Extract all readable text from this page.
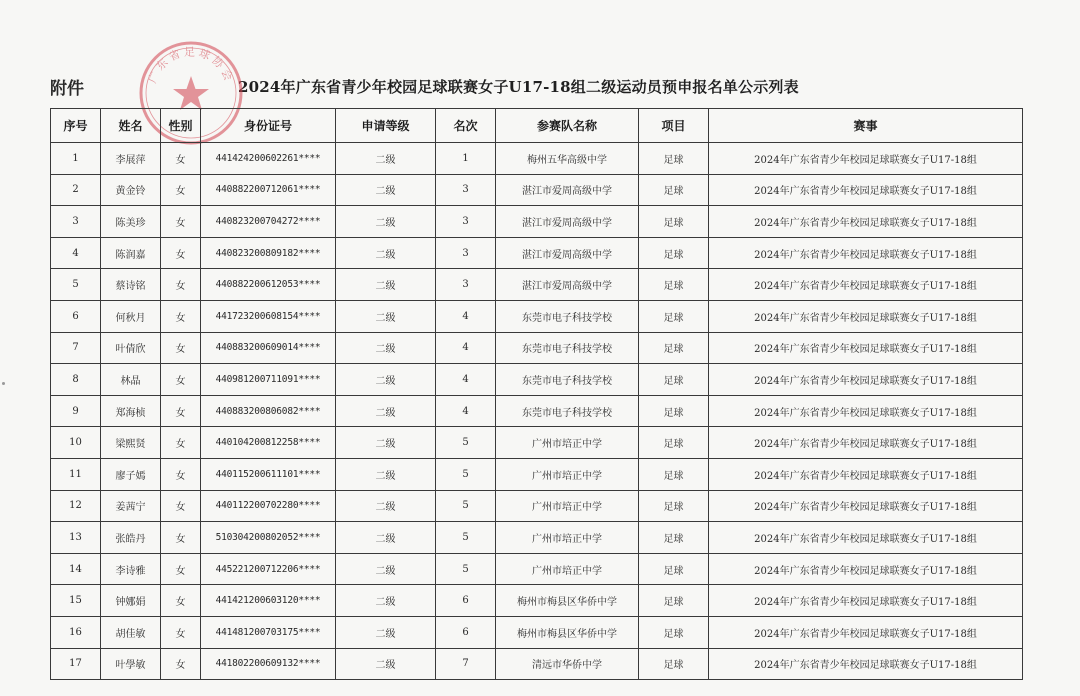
附件	2024年广东省青少年校园足球联赛女子U17-18组二级运动员预申报名单公示列表
广东省足球协会
序号	姓名	性别	身份证号	申请等级	名次	参赛队名称	项目	赛事
1	李展萍	女	441424200602261****	二级	1	梅州五华高级中学	足球	2024年广东省青少年校园足球联赛女子U17-18组
2	黄金铃	女	440882200712061****	二级	3	湛江市爱周高级中学	足球	2024年广东省青少年校园足球联赛女子U17-18组
3	陈美珍	女	440823200704272****	二级	3	湛江市爱周高级中学	足球	2024年广东省青少年校园足球联赛女子U17-18组
4	陈润嘉	女	440823200809182****	二级	3	湛江市爱周高级中学	足球	2024年广东省青少年校园足球联赛女子U17-18组
5	蔡诗铭	女	440882200612053****	二级	3	湛江市爱周高级中学	足球	2024年广东省青少年校园足球联赛女子U17-18组
6	何秋月	女	441723200608154****	二级	4	东莞市电子科技学校	足球	2024年广东省青少年校园足球联赛女子U17-18组
7	叶倩欣	女	440883200609014****	二级	4	东莞市电子科技学校	足球	2024年广东省青少年校园足球联赛女子U17-18组
8	林晶	女	440981200711091****	二级	4	东莞市电子科技学校	足球	2024年广东省青少年校园足球联赛女子U17-18组
9	郑海桢	女	440883200806082****	二级	4	东莞市电子科技学校	足球	2024年广东省青少年校园足球联赛女子U17-18组
10	梁熙贤	女	440104200812258****	二级	5	广州市培正中学	足球	2024年广东省青少年校园足球联赛女子U17-18组
11	廖子嫣	女	440115200611101****	二级	5	广州市培正中学	足球	2024年广东省青少年校园足球联赛女子U17-18组
12	姜茜宁	女	440112200702280****	二级	5	广州市培正中学	足球	2024年广东省青少年校园足球联赛女子U17-18组
13	张皓丹	女	510304200802052****	二级	5	广州市培正中学	足球	2024年广东省青少年校园足球联赛女子U17-18组
14	李诗雅	女	445221200712206****	二级	5	广州市培正中学	足球	2024年广东省青少年校园足球联赛女子U17-18组
15	钟娜娟	女	441421200603120****	二级	6	梅州市梅县区华侨中学	足球	2024年广东省青少年校园足球联赛女子U17-18组
16	胡佳敏	女	441481200703175****	二级	6	梅州市梅县区华侨中学	足球	2024年广东省青少年校园足球联赛女子U17-18组
17	叶學敏	女	441802200609132****	二级	7	清远市华侨中学	足球	2024年广东省青少年校园足球联赛女子U17-18组
